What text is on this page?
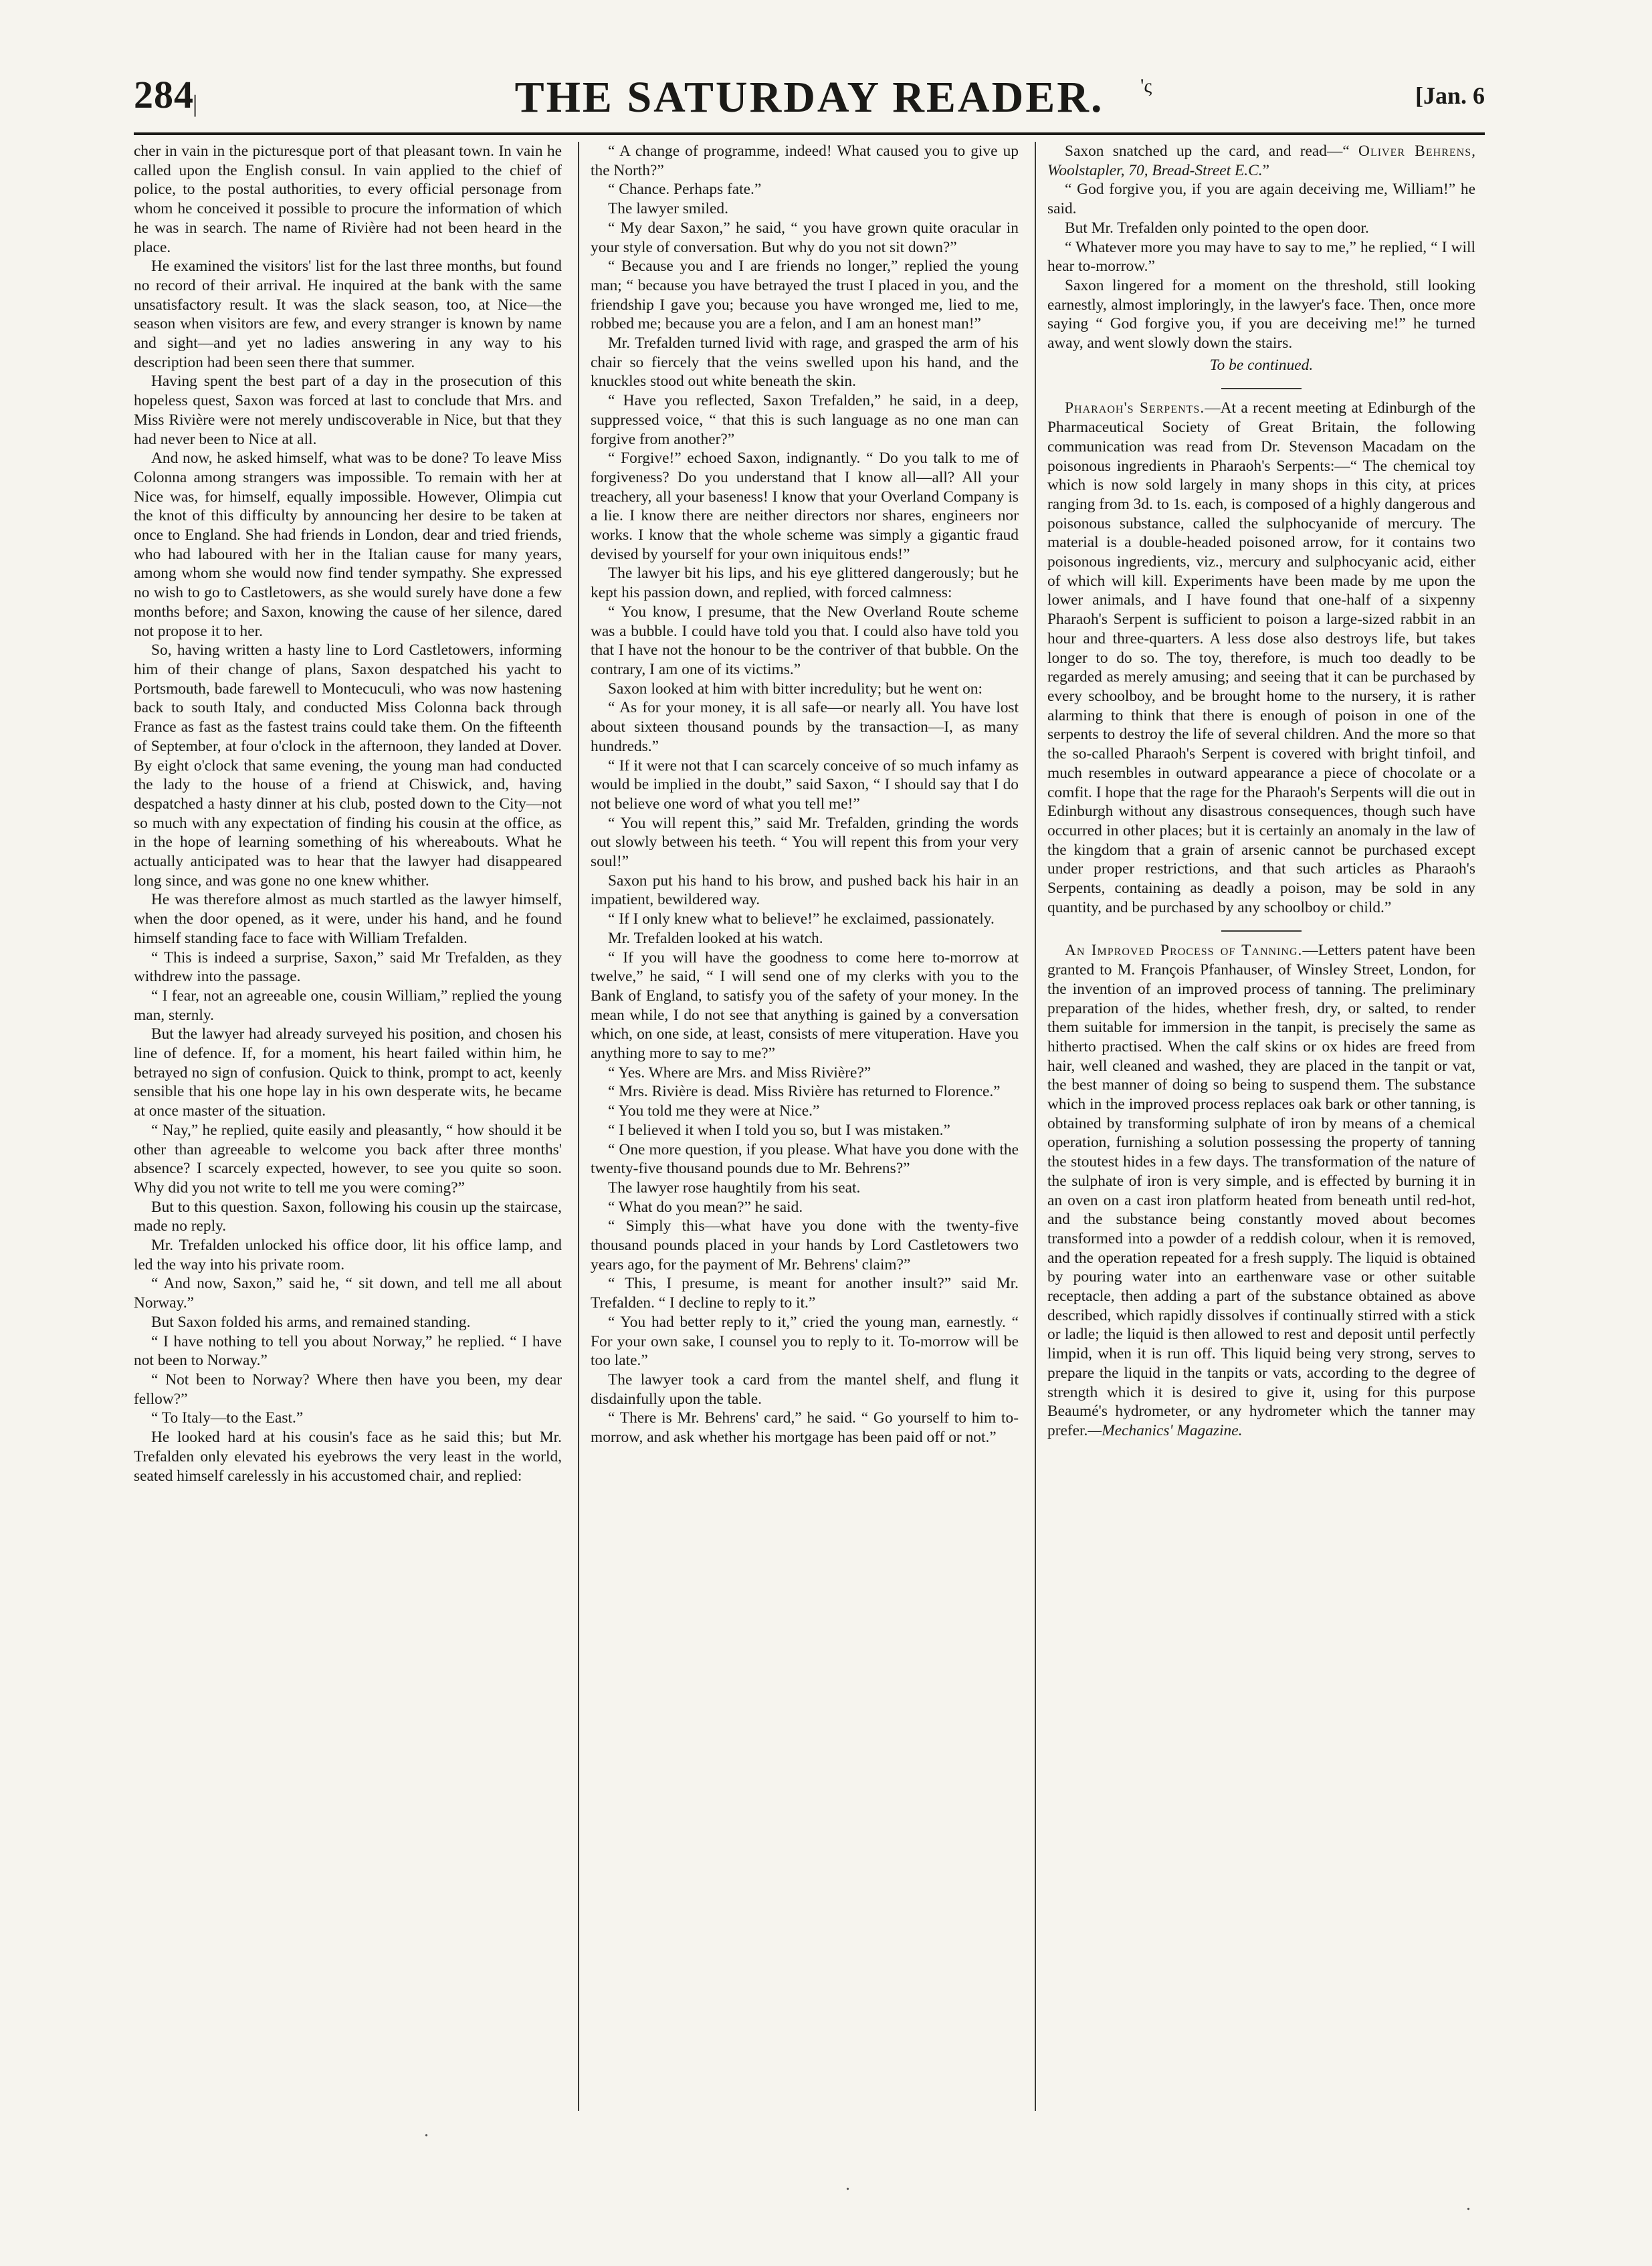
284
|	THE SATURDAY READER.	'ς	[Jan. 6

cher in vain in the picturesque port of that pleasant town. In vain he called upon the English consul. In vain applied to the chief of police, to the postal authorities, to every official personage from whom he conceived it possible to procure the information of which he was in search. The name of Rivière had not been heard in the place.

He examined the visitors' list for the last three months, but found no record of their arrival. He inquired at the bank with the same unsatisfactory result. It was the slack season, too, at Nice—the season when visitors are few, and every stranger is known by name and sight—and yet no ladies answering in any way to his description had been seen there that summer.

Having spent the best part of a day in the prosecution of this hopeless quest, Saxon was forced at last to conclude that Mrs. and Miss Rivière were not merely undiscoverable in Nice, but that they had never been to Nice at all.

And now, he asked himself, what was to be done? To leave Miss Colonna among strangers was impossible. To remain with her at Nice was, for himself, equally impossible. However, Olimpia cut the knot of this difficulty by announcing her desire to be taken at once to England. She had friends in London, dear and tried friends, who had laboured with her in the Italian cause for many years, among whom she would now find tender sympathy. She expressed no wish to go to Castletowers, as she would surely have done a few months before; and Saxon, knowing the cause of her silence, dared not propose it to her.

So, having written a hasty line to Lord Castletowers, informing him of their change of plans, Saxon despatched his yacht to Portsmouth, bade farewell to Montecuculi, who was now hastening back to south Italy, and conducted Miss Colonna back through France as fast as the fastest trains could take them. On the fifteenth of September, at four o'clock in the afternoon, they landed at Dover. By eight o'clock that same evening, the young man had conducted the lady to the house of a friend at Chiswick, and, having despatched a hasty dinner at his club, posted down to the City—not so much with any expectation of finding his cousin at the office, as in the hope of learning something of his whereabouts. What he actually anticipated was to hear that the lawyer had disappeared long since, and was gone no one knew whither.

He was therefore almost as much startled as the lawyer himself, when the door opened, as it were, under his hand, and he found himself standing face to face with William Trefalden.

“ This is indeed a surprise, Saxon,” said Mr Trefalden, as they withdrew into the passage.

“ I fear, not an agreeable one, cousin William,” replied the young man, sternly.

But the lawyer had already surveyed his position, and chosen his line of defence. If, for a moment, his heart failed within him, he betrayed no sign of confusion. Quick to think, prompt to act, keenly sensible that his one hope lay in his own desperate wits, he became at once master of the situation.

“ Nay,” he replied, quite easily and pleasantly, “ how should it be other than agreeable to welcome you back after three months' absence? I scarcely expected, however, to see you quite so soon. Why did you not write to tell me you were coming?”

But to this question. Saxon, following his cousin up the staircase, made no reply.

Mr. Trefalden unlocked his office door, lit his office lamp, and led the way into his private room.

“ And now, Saxon,” said he, “ sit down, and tell me all about Norway.”

But Saxon folded his arms, and remained standing.

“ I have nothing to tell you about Norway,” he replied. “ I have not been to Norway.”

“ Not been to Norway? Where then have you been, my dear fellow?”

“ To Italy—to the East.”

He looked hard at his cousin's face as he said this; but Mr. Trefalden only elevated his eyebrows the very least in the world, seated himself carelessly in his accustomed chair, and replied:

“ A change of programme, indeed! What caused you to give up the North?”

“ Chance. Perhaps fate.”

The lawyer smiled.

“ My dear Saxon,” he said, “ you have grown quite oracular in your style of conversation. But why do you not sit down?”

“ Because you and I are friends no longer,” replied the young man; “ because you have betrayed the trust I placed in you, and the friendship I gave you; because you have wronged me, lied to me, robbed me; because you are a felon, and I am an honest man!”

Mr. Trefalden turned livid with rage, and grasped the arm of his chair so fiercely that the veins swelled upon his hand, and the knuckles stood out white beneath the skin.

“ Have you reflected, Saxon Trefalden,” he said, in a deep, suppressed voice, “ that this is such language as no one man can forgive from another?”

“ Forgive!” echoed Saxon, indignantly. “ Do you talk to me of forgiveness? Do you understand that I know all—all? All your treachery, all your baseness! I know that your Overland Company is a lie. I know there are neither directors nor shares, engineers nor works. I know that the whole scheme was simply a gigantic fraud devised by yourself for your own iniquitous ends!”

The lawyer bit his lips, and his eye glittered dangerously; but he kept his passion down, and replied, with forced calmness:

“ You know, I presume, that the New Overland Route scheme was a bubble. I could have told you that. I could also have told you that I have not the honour to be the contriver of that bubble. On the contrary, I am one of its victims.”

Saxon looked at him with bitter incredulity; but he went on:

“ As for your money, it is all safe—or nearly all. You have lost about sixteen thousand pounds by the transaction—I, as many hundreds.”

“ If it were not that I can scarcely conceive of so much infamy as would be implied in the doubt,” said Saxon, “ I should say that I do not believe one word of what you tell me!”

“ You will repent this,” said Mr. Trefalden, grinding the words out slowly between his teeth. “ You will repent this from your very soul!”

Saxon put his hand to his brow, and pushed back his hair in an impatient, bewildered way.

“ If I only knew what to believe!” he exclaimed, passionately.

Mr. Trefalden looked at his watch.

“ If you will have the goodness to come here to-morrow at twelve,” he said, “ I will send one of my clerks with you to the Bank of England, to satisfy you of the safety of your money. In the mean while, I do not see that anything is gained by a conversation which, on one side, at least, consists of mere vituperation. Have you anything more to say to me?”

“ Yes. Where are Mrs. and Miss Rivière?”

“ Mrs. Rivière is dead. Miss Rivière has returned to Florence.”

“ You told me they were at Nice.”

“ I believed it when I told you so, but I was mistaken.”

“ One more question, if you please. What have you done with the twenty-five thousand pounds due to Mr. Behrens?”

The lawyer rose haughtily from his seat.

“ What do you mean?” he said.

“ Simply this—what have you done with the twenty-five thousand pounds placed in your hands by Lord Castletowers two years ago, for the payment of Mr. Behrens' claim?”

“ This, I presume, is meant for another insult?” said Mr. Trefalden. “ I decline to reply to it.”

“ You had better reply to it,” cried the young man, earnestly. “ For your own sake, I counsel you to reply to it. To-morrow will be too late.”

The lawyer took a card from the mantel shelf, and flung it disdainfully upon the table.

“ There is Mr. Behrens' card,” he said. “ Go yourself to him to-morrow, and ask whether his mortgage has been paid off or not.”

Saxon snatched up the card, and read—“ Oliver Behrens, Woolstapler, 70, Bread-Street E.C.”

“ God forgive you, if you are again deceiving me, William!” he said.

But Mr. Trefalden only pointed to the open door.

“ Whatever more you may have to say to me,” he replied, “ I will hear to-morrow.”

Saxon lingered for a moment on the threshold, still looking earnestly, almost imploringly, in the lawyer's face. Then, once more saying “ God forgive you, if you are deceiving me!” he turned away, and went slowly down the stairs.

To be continued.

Pharaoh's Serpents.—At a recent meeting at Edinburgh of the Pharmaceutical Society of Great Britain, the following communication was read from Dr. Stevenson Macadam on the poisonous ingredients in Pharaoh's Serpents:—“ The chemical toy which is now sold largely in many shops in this city, at prices ranging from 3d. to 1s. each, is composed of a highly dangerous and poisonous substance, called the sulphocyanide of mercury. The material is a double-headed poisoned arrow, for it contains two poisonous ingredients, viz., mercury and sulphocyanic acid, either of which will kill. Experiments have been made by me upon the lower animals, and I have found that one-half of a sixpenny Pharaoh's Serpent is sufficient to poison a large-sized rabbit in an hour and three-quarters. A less dose also destroys life, but takes longer to do so. The toy, therefore, is much too deadly to be regarded as merely amusing; and seeing that it can be purchased by every schoolboy, and be brought home to the nursery, it is rather alarming to think that there is enough of poison in one of the serpents to destroy the life of several children. And the more so that the so-called Pharaoh's Serpent is covered with bright tinfoil, and much resembles in outward appearance a piece of chocolate or a comfit. I hope that the rage for the Pharaoh's Serpents will die out in Edinburgh without any disastrous consequences, though such have occurred in other places; but it is certainly an anomaly in the law of the kingdom that a grain of arsenic cannot be purchased except under proper restrictions, and that such articles as Pharaoh's Serpents, containing as deadly a poison, may be sold in any quantity, and be purchased by any schoolboy or child.”

An Improved Process of Tanning.—Letters patent have been granted to M. François Pfanhauser, of Winsley Street, London, for the invention of an improved process of tanning. The preliminary preparation of the hides, whether fresh, dry, or salted, to render them suitable for immersion in the tanpit, is precisely the same as hitherto practised. When the calf skins or ox hides are freed from hair, well cleaned and washed, they are placed in the tanpit or vat, the best manner of doing so being to suspend them. The substance which in the improved process replaces oak bark or other tanning, is obtained by transforming sulphate of iron by means of a chemical operation, furnishing a solution possessing the property of tanning the stoutest hides in a few days. The transformation of the nature of the sulphate of iron is very simple, and is effected by burning it in an oven on a cast iron platform heated from beneath until red-hot, and the substance being constantly moved about becomes transformed into a powder of a reddish colour, when it is removed, and the operation repeated for a fresh supply. The liquid is obtained by pouring water into an earthenware vase or other suitable receptacle, then adding a part of the substance obtained as above described, which rapidly dissolves if continually stirred with a stick or ladle; the liquid is then allowed to rest and deposit until perfectly limpid, when it is run off. This liquid being very strong, serves to prepare the liquid in the tanpits or vats, according to the degree of strength which it is desired to give it, using for this purpose Beaumé's hydrometer, or any hydrometer which the tanner may prefer.—Mechanics' Magazine.

.
.
.
